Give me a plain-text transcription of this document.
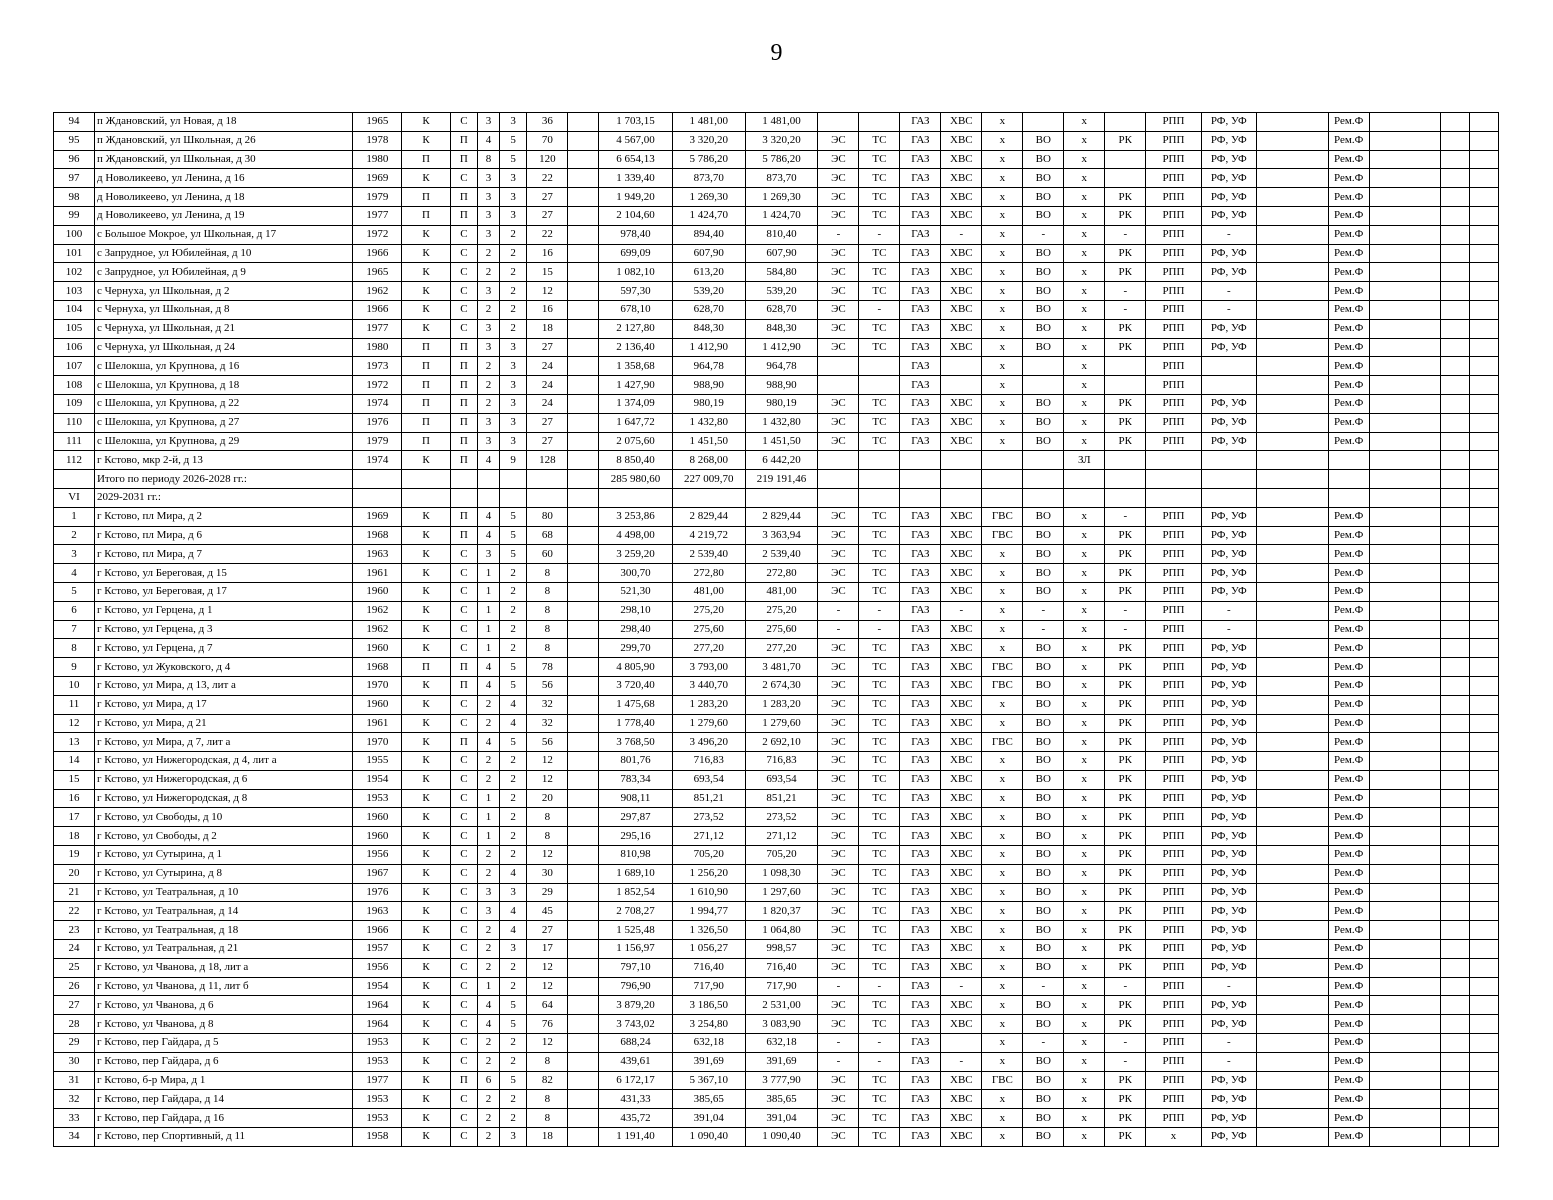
9
94	п Ждановский, ул Новая, д 18	1965	К	С	3	3	36		1 703,15	1 481,00	1 481,00			ГАЗ	ХВС	х		х		РПП	РФ, УФ		Рем.Ф			
95	п Ждановский, ул Школьная, д 26	1978	К	П	4	5	70		4 567,00	3 320,20	3 320,20	ЭС	ТС	ГАЗ	ХВС	х	ВО	х	РК	РПП	РФ, УФ		Рем.Ф			
96	п Ждановский, ул Школьная, д 30	1980	П	П	8	5	120		6 654,13	5 786,20	5 786,20	ЭС	ТС	ГАЗ	ХВС	х	ВО	х		РПП	РФ, УФ		Рем.Ф			
97	д Новоликеево, ул Ленина, д 16	1969	К	С	3	3	22		1 339,40	873,70	873,70	ЭС	ТС	ГАЗ	ХВС	х	ВО	х		РПП	РФ, УФ		Рем.Ф			
98	д Новоликеево, ул Ленина, д 18	1979	П	П	3	3	27		1 949,20	1 269,30	1 269,30	ЭС	ТС	ГАЗ	ХВС	х	ВО	х	РК	РПП	РФ, УФ		Рем.Ф			
99	д Новоликеево, ул Ленина, д 19	1977	П	П	3	3	27		2 104,60	1 424,70	1 424,70	ЭС	ТС	ГАЗ	ХВС	х	ВО	х	РК	РПП	РФ, УФ		Рем.Ф			
100	с Большое Мокрое, ул Школьная, д 17	1972	К	С	3	2	22		978,40	894,40	810,40	-	-	ГАЗ	-	х	-	х	-	РПП	-		Рем.Ф			
101	с Запрудное, ул Юбилейная, д 10	1966	К	С	2	2	16		699,09	607,90	607,90	ЭС	ТС	ГАЗ	ХВС	х	ВО	х	РК	РПП	РФ, УФ		Рем.Ф			
102	с Запрудное, ул Юбилейная, д 9	1965	К	С	2	2	15		1 082,10	613,20	584,80	ЭС	ТС	ГАЗ	ХВС	х	ВО	х	РК	РПП	РФ, УФ		Рем.Ф			
103	с Чернуха, ул Школьная, д 2	1962	К	С	3	2	12		597,30	539,20	539,20	ЭС	ТС	ГАЗ	ХВС	х	ВО	х	-	РПП	-		Рем.Ф			
104	с Чернуха, ул Школьная, д 8	1966	К	С	2	2	16		678,10	628,70	628,70	ЭС	-	ГАЗ	ХВС	х	ВО	х	-	РПП	-		Рем.Ф			
105	с Чернуха, ул Школьная, д 21	1977	К	С	3	2	18		2 127,80	848,30	848,30	ЭС	ТС	ГАЗ	ХВС	х	ВО	х	РК	РПП	РФ, УФ		Рем.Ф			
106	с Чернуха, ул Школьная, д 24	1980	П	П	3	3	27		2 136,40	1 412,90	1 412,90	ЭС	ТС	ГАЗ	ХВС	х	ВО	х	РК	РПП	РФ, УФ		Рем.Ф			
107	с Шелокша, ул Крупнова, д 16	1973	П	П	2	3	24		1 358,68	964,78	964,78			ГАЗ		х		х		РПП			Рем.Ф			
108	с Шелокша, ул Крупнова, д 18	1972	П	П	2	3	24		1 427,90	988,90	988,90			ГАЗ		х		х		РПП			Рем.Ф			
109	с Шелокша, ул Крупнова, д 22	1974	П	П	2	3	24		1 374,09	980,19	980,19	ЭС	ТС	ГАЗ	ХВС	х	ВО	х	РК	РПП	РФ, УФ		Рем.Ф			
110	с Шелокша, ул Крупнова, д 27	1976	П	П	3	3	27		1 647,72	1 432,80	1 432,80	ЭС	ТС	ГАЗ	ХВС	х	ВО	х	РК	РПП	РФ, УФ		Рем.Ф			
111	с Шелокша, ул Крупнова, д 29	1979	П	П	3	3	27		2 075,60	1 451,50	1 451,50	ЭС	ТС	ГАЗ	ХВС	х	ВО	х	РК	РПП	РФ, УФ		Рем.Ф			
112	г Кстово, мкр 2-й, д 13	1974	К	П	4	9	128		8 850,40	8 268,00	6 442,20							ЗЛ								
	Итого по периоду 2026-2028 гг.:								285 980,60	227 009,70	219 191,46															
VI	2029-2031 гг.:																									
1	г Кстово, пл Мира, д 2	1969	К	П	4	5	80		3 253,86	2 829,44	2 829,44	ЭС	ТС	ГАЗ	ХВС	ГВС	ВО	х	-	РПП	РФ, УФ		Рем.Ф			
2	г Кстово, пл Мира, д 6	1968	К	П	4	5	68		4 498,00	4 219,72	3 363,94	ЭС	ТС	ГАЗ	ХВС	ГВС	ВО	х	РК	РПП	РФ, УФ		Рем.Ф			
3	г Кстово, пл Мира, д 7	1963	К	С	3	5	60		3 259,20	2 539,40	2 539,40	ЭС	ТС	ГАЗ	ХВС	х	ВО	х	РК	РПП	РФ, УФ		Рем.Ф			
4	г Кстово, ул Береговая, д 15	1961	К	С	1	2	8		300,70	272,80	272,80	ЭС	ТС	ГАЗ	ХВС	х	ВО	х	РК	РПП	РФ, УФ		Рем.Ф			
5	г Кстово, ул Береговая, д 17	1960	К	С	1	2	8		521,30	481,00	481,00	ЭС	ТС	ГАЗ	ХВС	х	ВО	х	РК	РПП	РФ, УФ		Рем.Ф			
6	г Кстово, ул Герцена, д 1	1962	К	С	1	2	8		298,10	275,20	275,20	-	-	ГАЗ	-	х	-	х	-	РПП	-		Рем.Ф			
7	г Кстово, ул Герцена, д 3	1962	К	С	1	2	8		298,40	275,60	275,60	-	-	ГАЗ	ХВС	х	-	х	-	РПП	-		Рем.Ф			
8	г Кстово, ул Герцена, д 7	1960	К	С	1	2	8		299,70	277,20	277,20	ЭС	ТС	ГАЗ	ХВС	х	ВО	х	РК	РПП	РФ, УФ		Рем.Ф			
9	г Кстово, ул Жуковского, д 4	1968	П	П	4	5	78		4 805,90	3 793,00	3 481,70	ЭС	ТС	ГАЗ	ХВС	ГВС	ВО	х	РК	РПП	РФ, УФ		Рем.Ф			
10	г Кстово, ул Мира, д 13, лит а	1970	К	П	4	5	56		3 720,40	3 440,70	2 674,30	ЭС	ТС	ГАЗ	ХВС	ГВС	ВО	х	РК	РПП	РФ, УФ		Рем.Ф			
11	г Кстово, ул Мира, д 17	1960	К	С	2	4	32		1 475,68	1 283,20	1 283,20	ЭС	ТС	ГАЗ	ХВС	х	ВО	х	РК	РПП	РФ, УФ		Рем.Ф			
12	г Кстово, ул Мира, д 21	1961	К	С	2	4	32		1 778,40	1 279,60	1 279,60	ЭС	ТС	ГАЗ	ХВС	х	ВО	х	РК	РПП	РФ, УФ		Рем.Ф			
13	г Кстово, ул Мира, д 7, лит а	1970	К	П	4	5	56		3 768,50	3 496,20	2 692,10	ЭС	ТС	ГАЗ	ХВС	ГВС	ВО	х	РК	РПП	РФ, УФ		Рем.Ф			
14	г Кстово, ул Нижегородская, д 4, лит а	1955	К	С	2	2	12		801,76	716,83	716,83	ЭС	ТС	ГАЗ	ХВС	х	ВО	х	РК	РПП	РФ, УФ		Рем.Ф			
15	г Кстово, ул Нижегородская, д 6	1954	К	С	2	2	12		783,34	693,54	693,54	ЭС	ТС	ГАЗ	ХВС	х	ВО	х	РК	РПП	РФ, УФ		Рем.Ф			
16	г Кстово, ул Нижегородская, д 8	1953	К	С	1	2	20		908,11	851,21	851,21	ЭС	ТС	ГАЗ	ХВС	х	ВО	х	РК	РПП	РФ, УФ		Рем.Ф			
17	г Кстово, ул Свободы, д 10	1960	К	С	1	2	8		297,87	273,52	273,52	ЭС	ТС	ГАЗ	ХВС	х	ВО	х	РК	РПП	РФ, УФ		Рем.Ф			
18	г Кстово, ул Свободы, д 2	1960	К	С	1	2	8		295,16	271,12	271,12	ЭС	ТС	ГАЗ	ХВС	х	ВО	х	РК	РПП	РФ, УФ		Рем.Ф			
19	г Кстово, ул Сутырина, д 1	1956	К	С	2	2	12		810,98	705,20	705,20	ЭС	ТС	ГАЗ	ХВС	х	ВО	х	РК	РПП	РФ, УФ		Рем.Ф			
20	г Кстово, ул Сутырина, д 8	1967	К	С	2	4	30		1 689,10	1 256,20	1 098,30	ЭС	ТС	ГАЗ	ХВС	х	ВО	х	РК	РПП	РФ, УФ		Рем.Ф			
21	г Кстово, ул Театральная, д 10	1976	К	С	3	3	29		1 852,54	1 610,90	1 297,60	ЭС	ТС	ГАЗ	ХВС	х	ВО	х	РК	РПП	РФ, УФ		Рем.Ф			
22	г Кстово, ул Театральная, д 14	1963	К	С	3	4	45		2 708,27	1 994,77	1 820,37	ЭС	ТС	ГАЗ	ХВС	х	ВО	х	РК	РПП	РФ, УФ		Рем.Ф			
23	г Кстово, ул Театральная, д 18	1966	К	С	2	4	27		1 525,48	1 326,50	1 064,80	ЭС	ТС	ГАЗ	ХВС	х	ВО	х	РК	РПП	РФ, УФ		Рем.Ф			
24	г Кстово, ул Театральная, д 21	1957	К	С	2	3	17		1 156,97	1 056,27	998,57	ЭС	ТС	ГАЗ	ХВС	х	ВО	х	РК	РПП	РФ, УФ		Рем.Ф			
25	г Кстово, ул Чванова, д 18, лит а	1956	К	С	2	2	12		797,10	716,40	716,40	ЭС	ТС	ГАЗ	ХВС	х	ВО	х	РК	РПП	РФ, УФ		Рем.Ф			
26	г Кстово, ул Чванова, д 11, лит б	1954	К	С	1	2	12		796,90	717,90	717,90	-	-	ГАЗ	-	х	-	х	-	РПП	-		Рем.Ф			
27	г Кстово, ул Чванова, д 6	1964	К	С	4	5	64		3 879,20	3 186,50	2 531,00	ЭС	ТС	ГАЗ	ХВС	х	ВО	х	РК	РПП	РФ, УФ		Рем.Ф			
28	г Кстово, ул Чванова, д 8	1964	К	С	4	5	76		3 743,02	3 254,80	3 083,90	ЭС	ТС	ГАЗ	ХВС	х	ВО	х	РК	РПП	РФ, УФ		Рем.Ф			
29	г Кстово, пер Гайдара, д 5	1953	К	С	2	2	12		688,24	632,18	632,18	-	-	ГАЗ		х	-	х	-	РПП	-		Рем.Ф			
30	г Кстово, пер Гайдара, д 6	1953	К	С	2	2	8		439,61	391,69	391,69	-	-	ГАЗ	-	х	ВО	х	-	РПП	-		Рем.Ф			
31	г Кстово, б-р Мира, д 1	1977	К	П	6	5	82		6 172,17	5 367,10	3 777,90	ЭС	ТС	ГАЗ	ХВС	ГВС	ВО	х	РК	РПП	РФ, УФ		Рем.Ф			
32	г Кстово, пер Гайдара, д 14	1953	К	С	2	2	8		431,33	385,65	385,65	ЭС	ТС	ГАЗ	ХВС	х	ВО	х	РК	РПП	РФ, УФ		Рем.Ф			
33	г Кстово, пер Гайдара, д 16	1953	К	С	2	2	8		435,72	391,04	391,04	ЭС	ТС	ГАЗ	ХВС	х	ВО	х	РК	РПП	РФ, УФ		Рем.Ф			
34	г Кстово, пер Спортивный, д 11	1958	К	С	2	3	18		1 191,40	1 090,40	1 090,40	ЭС	ТС	ГАЗ	ХВС	х	ВО	х	РК	х	РФ, УФ		Рем.Ф			
